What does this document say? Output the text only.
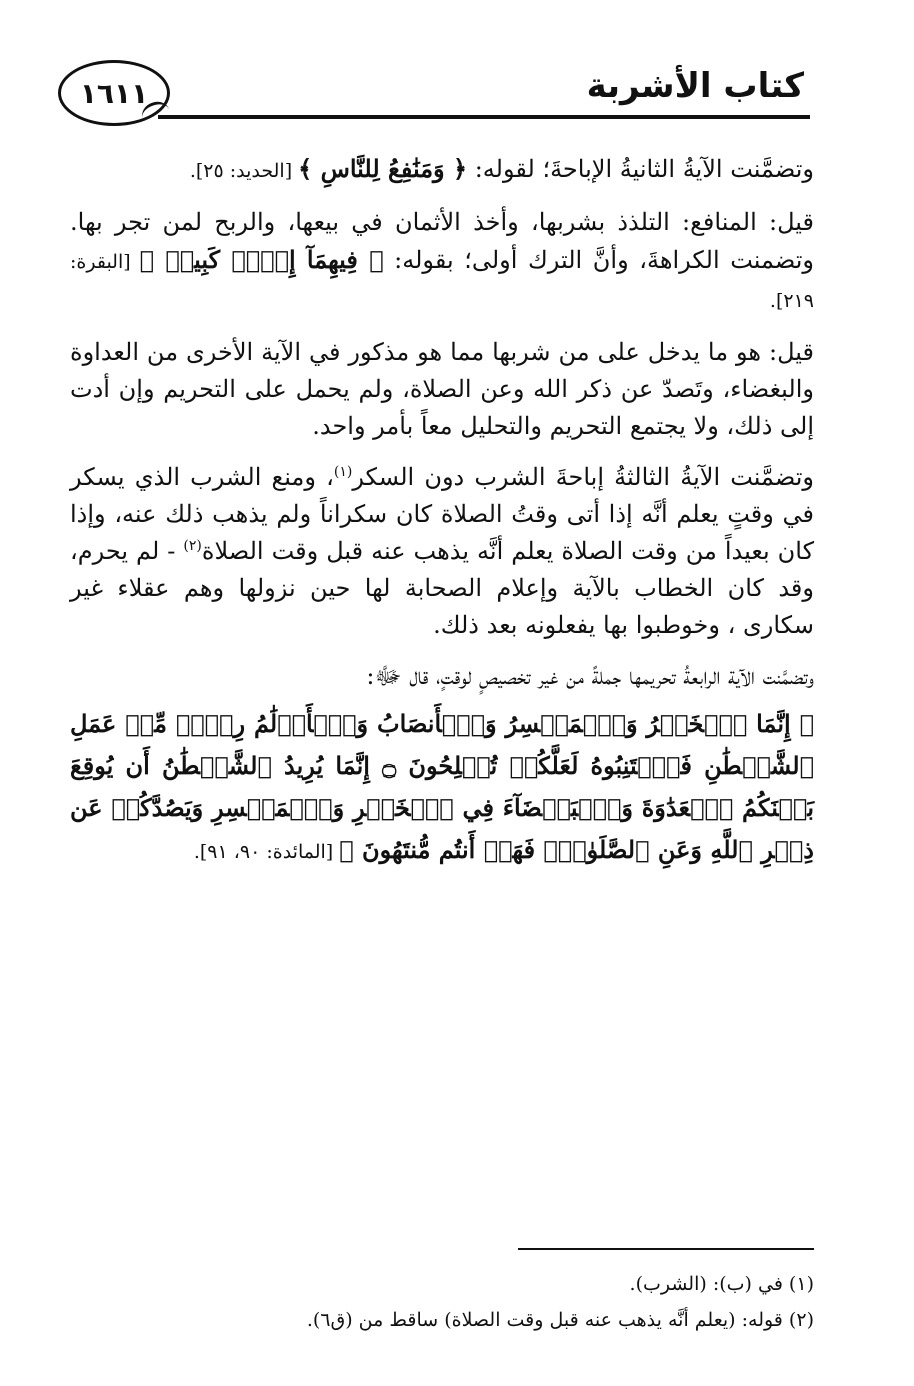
كتاب الأشربة
١٦١١

وتضمَّنت الآيةُ الثانيةُ الإباحةَ؛ لقوله: ﴿ وَمَنَٰفِعُ لِلنَّاسِ ﴾ [الحديد: ٢٥].

قيل: المنافع: التلذذ بشربها، وأخذ الأثمان في بيعها، والربح لمن تجر بها. وتضمنت الكراهةَ، وأنَّ الترك أولى؛ بقوله: ﴿ فِيهِمَآ إِثۡمٞ كَبِيرٞ ﴾ [البقرة: ٢١٩].

قيل: هو ما يدخل على من شربها مما هو مذكور في الآية الأخرى من العداوة والبغضاء، وتَصدّ عن ذكر الله وعن الصلاة، ولم يحمل على التحريم وإن أدت إلى ذلك، ولا يجتمع التحريم والتحليل معاً بأمر واحد.

وتضمَّنت الآيةُ الثالثةُ إباحةَ الشرب دون السكر$^{(١)}$، ومنع الشرب الذي يسكر في وقتٍ يعلم أنَّه إذا أتى وقتُ الصلاة كان سكراناً ولم يذهب ذلك عنه، وإذا كان بعيداً من وقت الصلاة يعلم أنَّه يذهب عنه قبل وقت الصلاة$^{(٢)}$ - لم يحرم، وقد كان الخطاب بالآية وإعلام الصحابة لها حين نزولها وهم عقلاء غير سكارى ، وخوطبوا بها يفعلونه بعد ذلك.

وتضمَّنت الآية الرابعةُ تحريمها جملةً من غير تخصيصٍ لوقتٍ، قال ﷻ:

﴿ إِنَّمَا ٱلۡخَمۡرُ وَٱلۡمَيۡسِرُ وَٱلۡأَنصَابُ وَٱلۡأَزۡلَٰمُ رِجۡسٞ مِّنۡ عَمَلِ ٱلشَّيۡطَٰنِ فَٱجۡتَنِبُوهُ لَعَلَّكُمۡ تُفۡلِحُونَ ۝ إِنَّمَا يُرِيدُ ٱلشَّيۡطَٰنُ أَن يُوقِعَ بَيۡنَكُمُ ٱلۡعَدَٰوَةَ وَٱلۡبَغۡضَآءَ فِي ٱلۡخَمۡرِ وَٱلۡمَيۡسِرِ وَيَصُدَّكُمۡ عَن ذِكۡرِ ٱللَّهِ وَعَنِ ٱلصَّلَوٰةِۖ فَهَلۡ أَنتُم مُّنتَهُونَ ﴾ [المائدة: ٩٠، ٩١].

(١) في (ب): (الشرب).

(٢) قوله: (يعلم أنَّه يذهب عنه قبل وقت الصلاة) ساقط من (ق٦).
